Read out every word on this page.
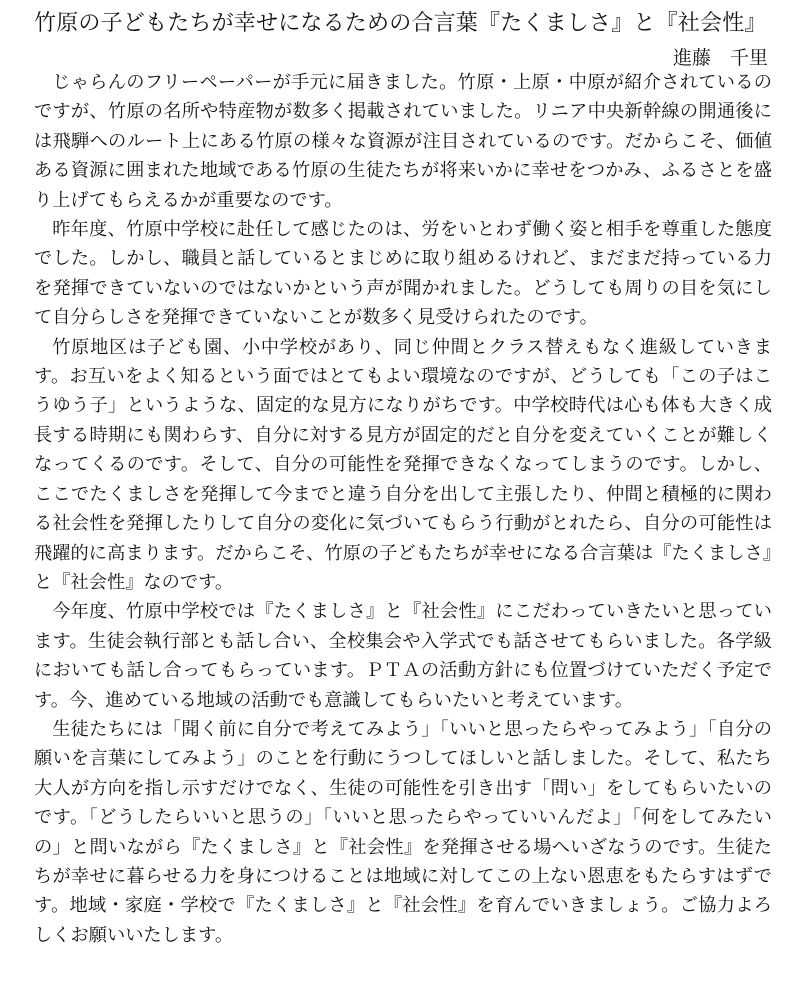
竹原の子どもたちが幸せになるための合言葉『たくましさ』と『社会性』
進藤　千里

じゃらんのフリーペーパーが手元に届きました。竹原・上原・中原が紹介されているのですが、竹原の名所や特産物が数多く掲載されていました。リニア中央新幹線の開通後には飛騨へのルート上にある竹原の様々な資源が注目されているのです。だからこそ、価値ある資源に囲まれた地域である竹原の生徒たちが将来いかに幸せをつかみ、ふるさとを盛り上げてもらえるかが重要なのです。

昨年度、竹原中学校に赴任して感じたのは、労をいとわず働く姿と相手を尊重した態度でした。しかし、職員と話しているとまじめに取り組めるけれど、まだまだ持っている力を発揮できていないのではないかという声が聞かれました。どうしても周りの目を気にして自分らしさを発揮できていないことが数多く見受けられたのです。

竹原地区は子ども園、小中学校があり、同じ仲間とクラス替えもなく進級していきます。お互いをよく知るという面ではとてもよい環境なのですが、どうしても「この子はこうゆう子」というような、固定的な見方になりがちです。中学校時代は心も体も大きく成長する時期にも関わらす、自分に対する見方が固定的だと自分を変えていくことが難しくなってくるのです。そして、自分の可能性を発揮できなくなってしまうのです。しかし、ここでたくましさを発揮して今までと違う自分を出して主張したり、仲間と積極的に関わる社会性を発揮したりして自分の変化に気づいてもらう行動がとれたら、自分の可能性は飛躍的に高まります。だからこそ、竹原の子どもたちが幸せになる合言葉は『たくましさ』と『社会性』なのです。

今年度、竹原中学校では『たくましさ』と『社会性』にこだわっていきたいと思っています。生徒会執行部とも話し合い、全校集会や入学式でも話させてもらいました。各学級においても話し合ってもらっています。ＰＴＡの活動方針にも位置づけていただく予定です。今、進めている地域の活動でも意識してもらいたいと考えています。

生徒たちには「聞く前に自分で考えてみよう」「いいと思ったらやってみよう」「自分の願いを言葉にしてみよう」のことを行動にうつしてほしいと話しました。そして、私たち大人が方向を指し示すだけでなく、生徒の可能性を引き出す「問い」をしてもらいたいのです。「どうしたらいいと思うの」「いいと思ったらやっていいんだよ」「何をしてみたいの」と問いながら『たくましさ』と『社会性』を発揮させる場へいざなうのです。生徒たちが幸せに暮らせる力を身につけることは地域に対してこの上ない恩恵をもたらすはずです。地域・家庭・学校で『たくましさ』と『社会性』を育んでいきましょう。ご協力よろしくお願いいたします。
